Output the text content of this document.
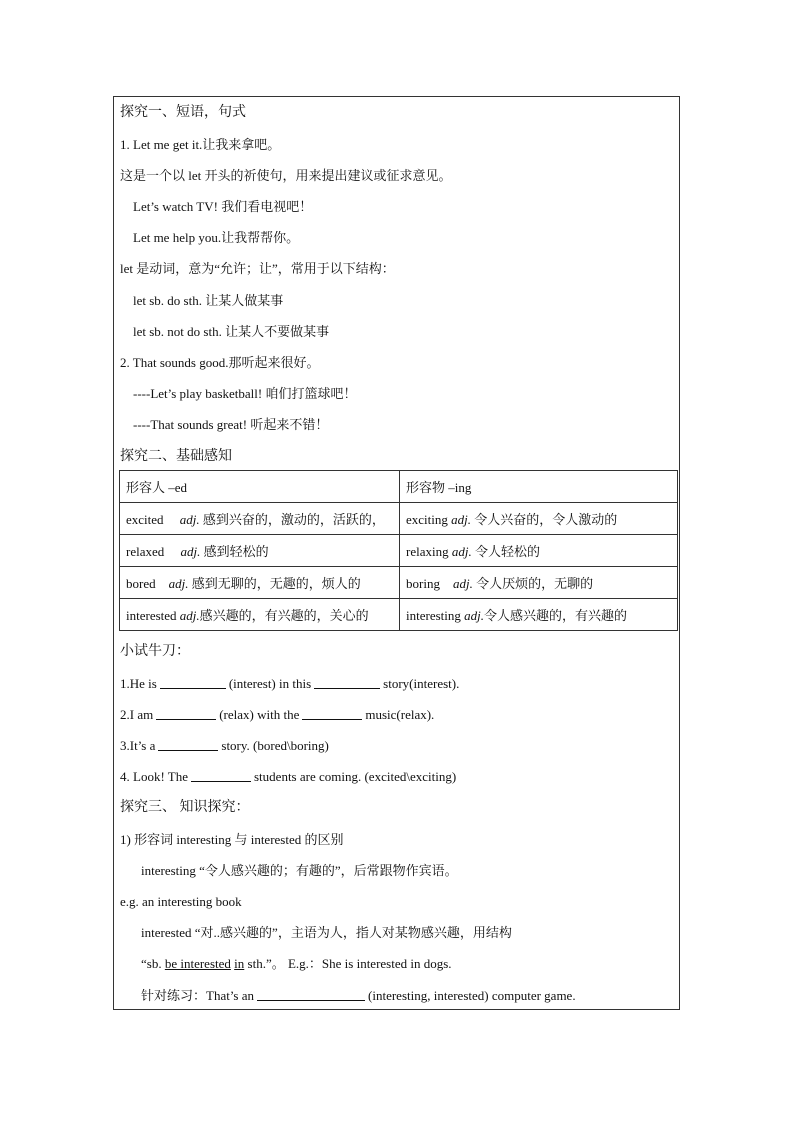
探究一、短语，句式
1. Let me get it.让我来拿吧。
这是一个以 let 开头的祈使句，用来提出建议或征求意见。
Let’s watch TV! 我们看电视吧！
Let me help you.让我帮帮你。
let 是动词，意为“允许；让”，常用于以下结构：
let sb. do sth. 让某人做某事
let sb. not do sth. 让某人不要做某事
2. That sounds good.那听起来很好。
----Let’s play basketball! 咱们打篮球吧！
----That sounds great! 听起来不错！
探究二、基础感知
形容人 –ed	形容物 –ing
excited adj. 感到兴奋的，激动的，活跃的，	exciting adj. 令人兴奋的，令人激动的
relaxed adj. 感到轻松的	relaxing adj. 令人轻松的
bored adj. 感到无聊的，无趣的，烦人的	boring adj. 令人厌烦的，无聊的
interested adj.感兴趣的，有兴趣的，关心的	interesting adj.令人感兴趣的，有兴趣的
小试牛刀：
1.He is	(interest) in this	story(interest).
2.I am	(relax) with the	music(relax).
3.It’s a	story. (bored\boring)
4. Look! The	students are coming. (excited\exciting)
探究三、 知识探究：
1) 形容词 interesting 与 interested 的区别
interesting “令人感兴趣的；有趣的”，后常跟物作宾语。
e.g. an interesting book
interested “对..感兴趣的”，主语为人，指人对某物感兴趣，用结构
“sb. be interested in sth.”。 E.g.：She is interested in dogs.
针对练习：That’s an	(interesting, interested) computer game.
